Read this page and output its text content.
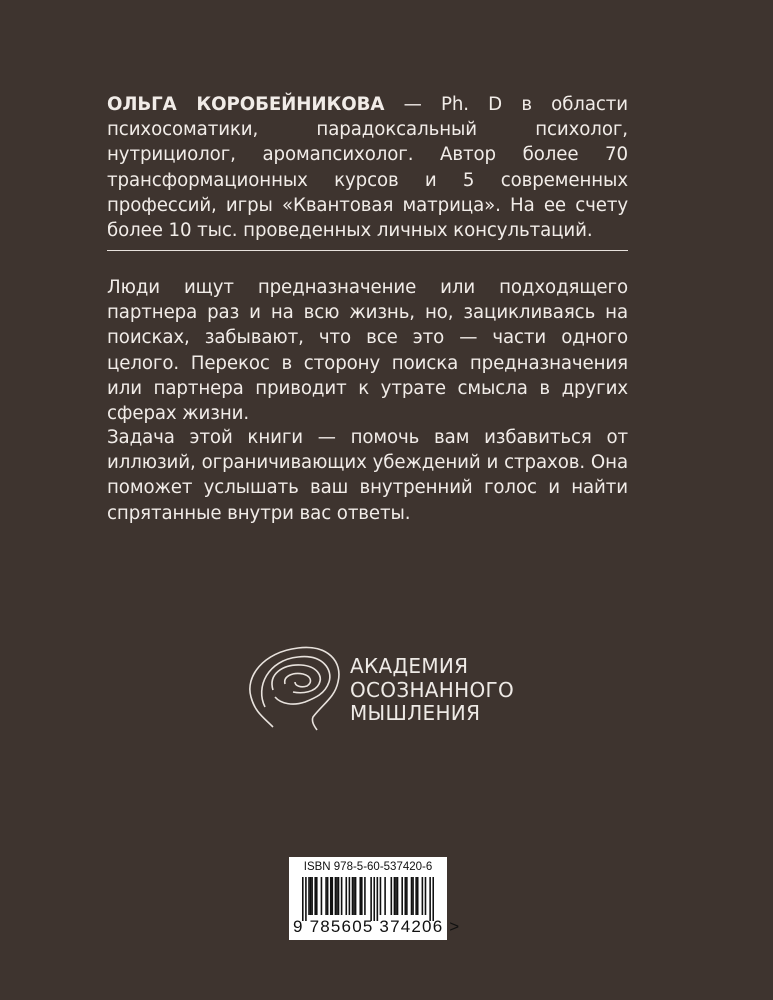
ОЛЬГА КОРОБЕЙНИКОВА — Ph. D в области психосоматики, парадоксальный психолог, нутрициолог, аромапсихолог. Автор более 70 трансформационных курсов и 5 современных профессий, игры «Квантовая матрица». На ее счету более 10 тыс. проведенных личных консультаций.
Люди ищут предназначение или подходящего партнера раз и на всю жизнь, но, зацикливаясь на поисках, забывают, что все это — части одного целого. Перекос в сторону поиска предназначения или партнера приводит к утрате смысла в других сферах жизни.
Задача этой книги — помочь вам избавиться от иллюзий, ограничивающих убеждений и страхов. Она поможет услышать ваш внутренний голос и найти спрятанные внутри вас ответы.
АКАДЕМИЯ
ОСОЗНАННОГО
МЫШЛЕНИЯ
ISBN 978-5-60-537420-6
9 785605 374206 >
